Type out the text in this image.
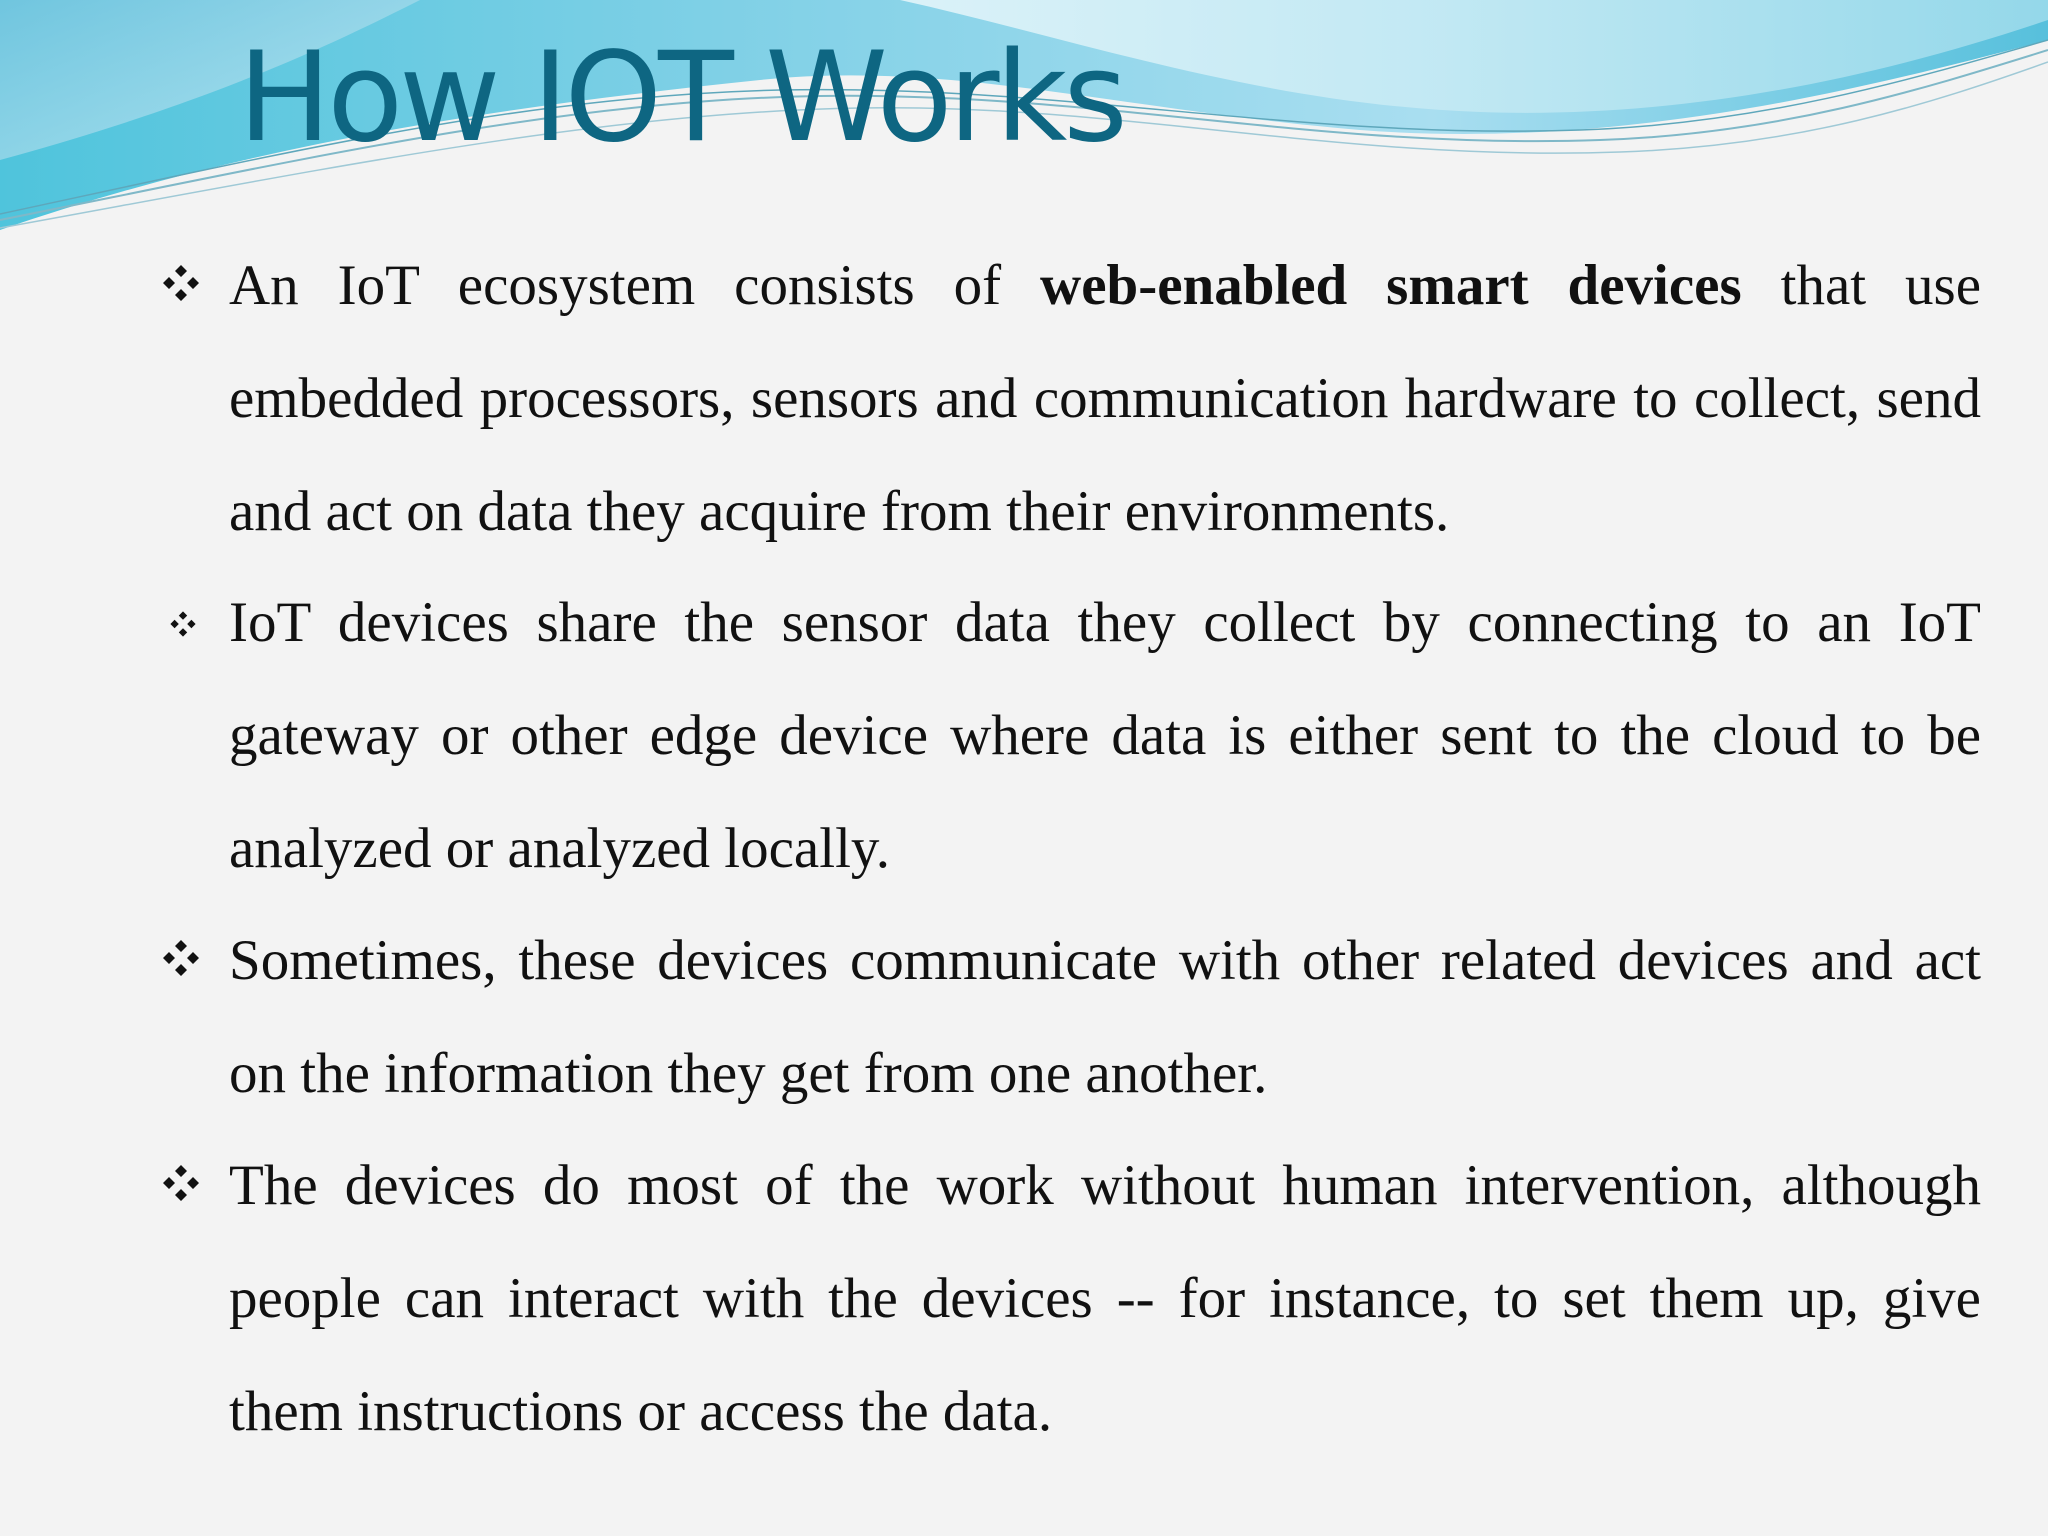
How IOT Works
An IoT ecosystem consists of web-enabled smart devices that use embedded processors, sensors and communication hardware to collect, send and act on data they acquire from their environments.
IoT devices share the sensor data they collect by connecting to an IoT gateway or other edge device where data is either sent to the cloud to be analyzed or analyzed locally.
Sometimes, these devices communicate with other related devices and act on the information they get from one another.
The devices do most of the work without human intervention, although people can interact with the devices -- for instance, to set them up, give them instructions or access the data.
